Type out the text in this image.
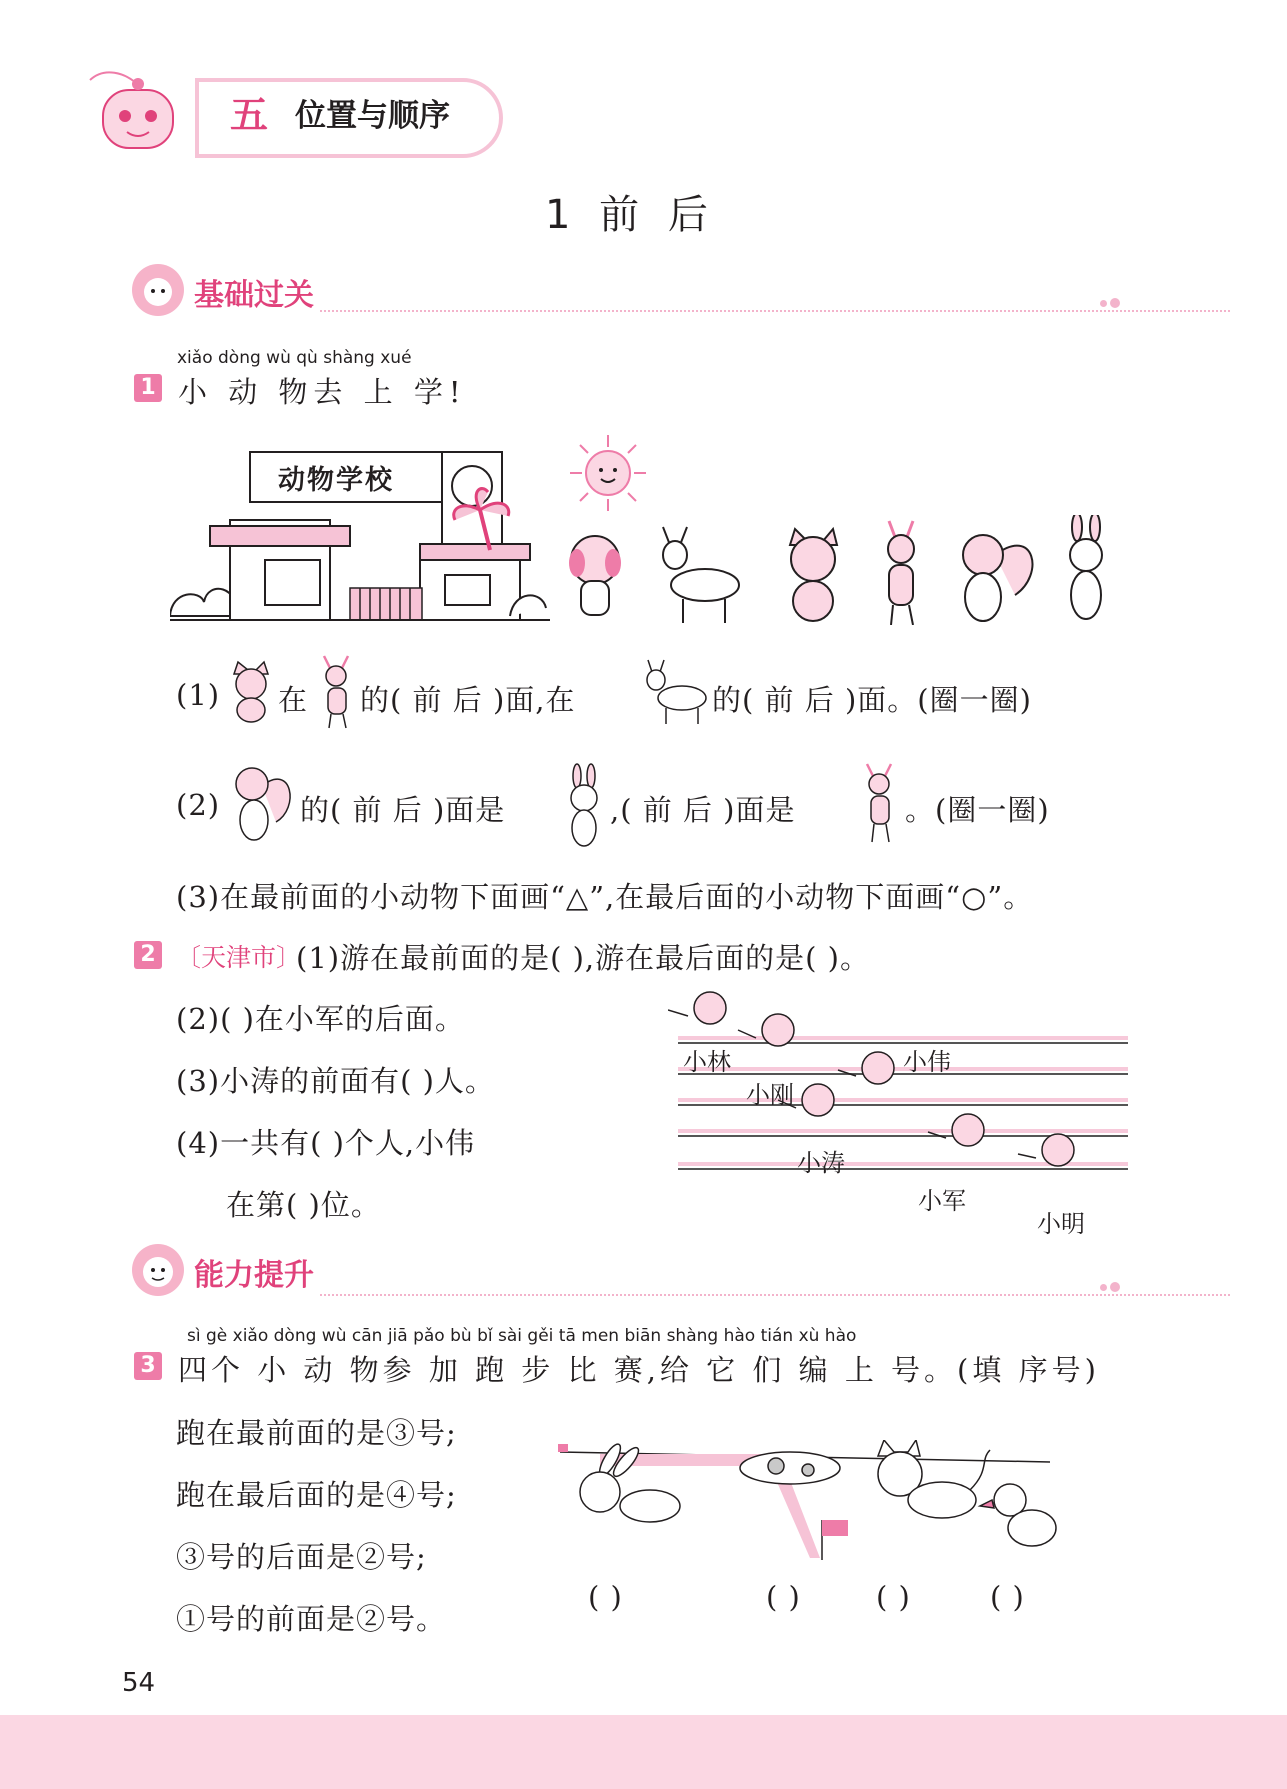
五 位置与顺序
1 前 后
基础过关
xiǎo dòng wù qù shàng xué
1 小 动 物去 上 学!
动物学校
(1) 在 的( 前 后 )面,在	的( 前 后 )面。(圈一圈)
(2)	的( 前 后 )面是	,( 前 后 )面是	。(圈一圈)
(3)在最前面的小动物下面画“△”,在最后面的小动物下面画“○”。
2 〔天津市〕
(1)游在最前面的是( ),游在最后面的是( )。
(2)( )在小军的后面。
(3)小涛的前面有( )人。
(4)一共有( )个人,小伟
在第( )位。
小林	小伟
小刚
小涛
小军
小明
能力提升
sì gè xiǎo dòng wù cān jiā pǎo bù bǐ sài gěi tā men biān shàng hào tián xù hào
3 四个 小 动 物参 加 跑 步 比 赛,给 它 们 编 上 号。(填 序号)
跑在最前面的是③号;
跑在最后面的是④号;
③号的后面是②号;
①号的前面是②号。
( )	( )	( )	( )
54
